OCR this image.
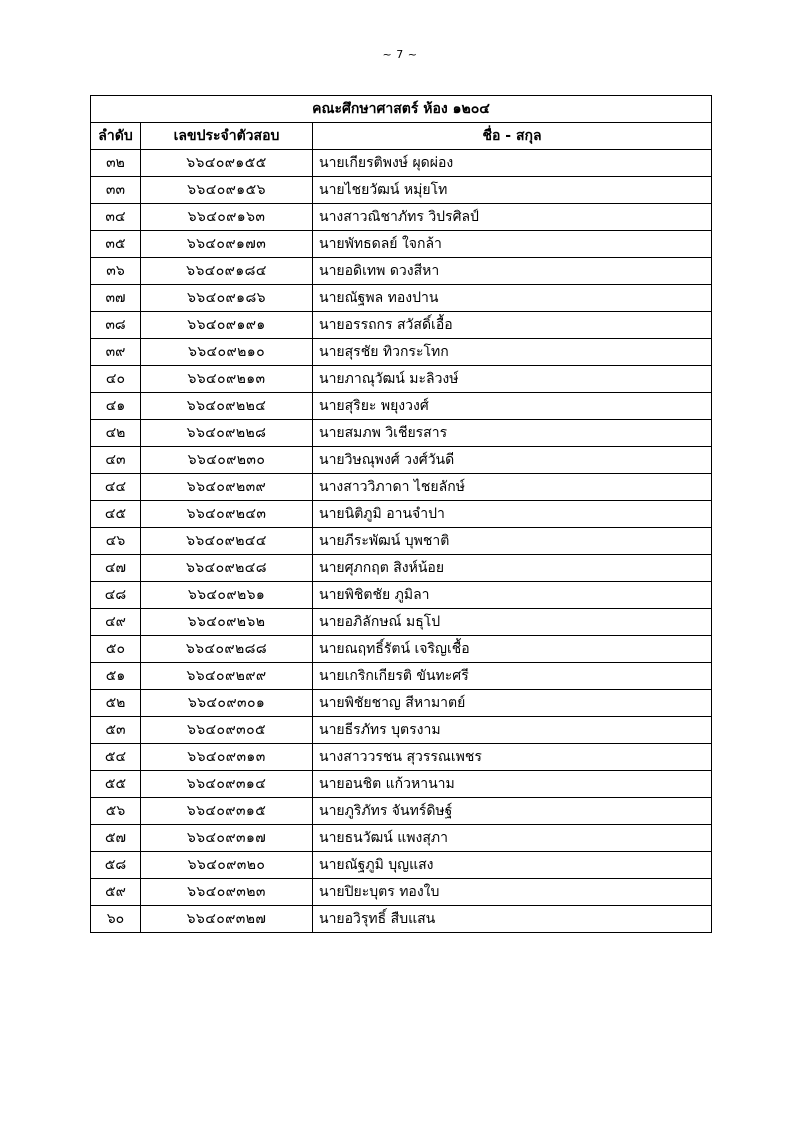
~ 7 ~
คณะศึกษาศาสตร์ ห้อง ๑๒๐๔		
ลำดับ	เลขประจำตัวสอบ	ชื่อ - สกุล
๓๒	๖๖๔๐๙๑๕๕	นายเกียรติพงษ์ ผุดผ่อง
๓๓	๖๖๔๐๙๑๕๖	นายไชยวัฒน์ หมุ่ยโท
๓๔	๖๖๔๐๙๑๖๓	นางสาวณิชาภัทร วิปรศิลป์
๓๕	๖๖๔๐๙๑๗๓	นายพัทธดลย์ ใจกล้า
๓๖	๖๖๔๐๙๑๘๔	นายอดิเทพ ดวงสีหา
๓๗	๖๖๔๐๙๑๘๖	นายณัฐพล ทองปาน
๓๘	๖๖๔๐๙๑๙๑	นายอรรถกร สวัสดิ์เอื้อ
๓๙	๖๖๔๐๙๒๑๐	นายสุรชัย ทิวกระโทก
๔๐	๖๖๔๐๙๒๑๓	นายภาณุวัฒน์ มะลิวงษ์
๔๑	๖๖๔๐๙๒๒๔	นายสุริยะ พยุงวงศ์
๔๒	๖๖๔๐๙๒๒๘	นายสมภพ วิเชียรสาร
๔๓	๖๖๔๐๙๒๓๐	นายวิษณุพงศ์ วงศ์วันดี
๔๔	๖๖๔๐๙๒๓๙	นางสาววิภาดา ไชยลักษ์
๔๕	๖๖๔๐๙๒๔๓	นายนิติภูมิ อานจำปา
๔๖	๖๖๔๐๙๒๔๔	นายภีระพัฒน์ บุพชาติ
๔๗	๖๖๔๐๙๒๔๘	นายศุภกฤต สิงห์น้อย
๔๘	๖๖๔๐๙๒๖๑	นายพิชิตชัย ภูมิลา
๔๙	๖๖๔๐๙๒๖๒	นายอภิลักษณ์ มธุโป
๕๐	๖๖๔๐๙๒๘๘	นายณฤทธิ์รัตน์ เจริญเชื้อ
๕๑	๖๖๔๐๙๒๙๙	นายเกริกเกียรติ ขันทะศรี
๕๒	๖๖๔๐๙๓๐๑	นายพิชัยชาญ สีหามาตย์
๕๓	๖๖๔๐๙๓๐๕	นายธีรภัทร บุตรงาม
๕๔	๖๖๔๐๙๓๑๓	นางสาววรชน สุวรรณเพชร
๕๕	๖๖๔๐๙๓๑๔	นายอนชิต แก้วหานาม
๕๖	๖๖๔๐๙๓๑๕	นายภูริภัทร จันทร์ดิษฐ์
๕๗	๖๖๔๐๙๓๑๗	นายธนวัฒน์ แพงสุภา
๕๘	๖๖๔๐๙๓๒๐	นายณัฐภูมิ บุญแสง
๕๙	๖๖๔๐๙๓๒๓	นายปิยะบุตร ทองใบ
๖๐	๖๖๔๐๙๓๒๗	นายอวิรุทธิ์ สืบแสน
